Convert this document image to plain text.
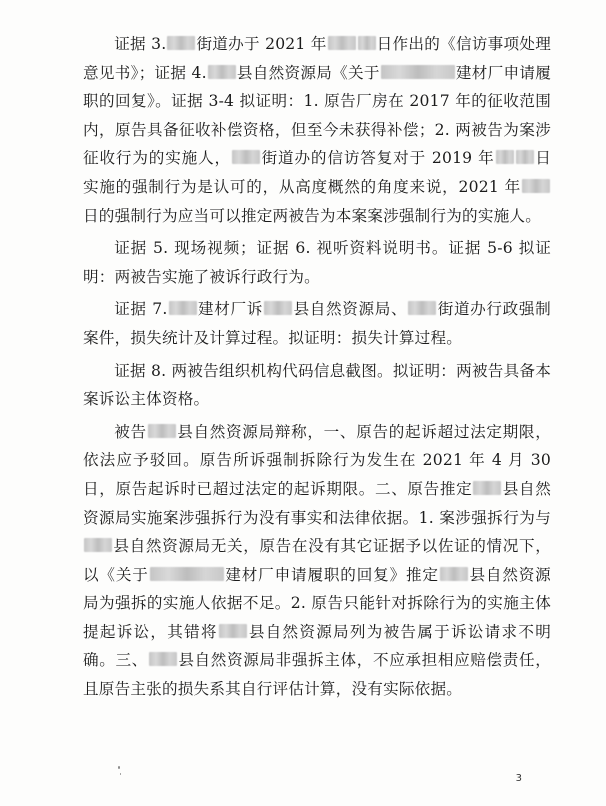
证据 3. 街道办于 2021 年	日作出的《信访事项处理意见书》；证据 4. 县自然资源局《关于	建材厂申请履职的回复》。证据 3-4 拟证明：1. 原告厂房在 2017 年的征收范围内，原告具备征收补偿资格，但至今未获得补偿；2. 两被告为案涉征收行为的实施人， 街道办的信访答复对于 2019 年	日实施的强制行为是认可的，从高度概然的角度来说，2021 年日的强制行为应当可以推定两被告为本案案涉强制行为的实施人。

证据 5. 现场视频；证据 6. 视听资料说明书。证据 5-6 拟证明：两被告实施了被诉行政行为。

证据 7. 建材厂诉 县自然资源局、 街道办行政强制案件，损失统计及计算过程。拟证明：损失计算过程。

证据 8. 两被告组织机构代码信息截图。拟证明：两被告具备本案诉讼主体资格。

被告 县自然资源局辩称，一、原告的起诉超过法定期限，依法应予驳回。原告所诉强制拆除行为发生在 2021 年 4 月 30 日，原告起诉时已超过法定的起诉期限。二、原告推定 县自然资源局实施案涉强拆行为没有事实和法律依据。1. 案涉强拆行为与县自然资源局无关，原告在没有其它证据予以佐证的情况下，以《关于	建材厂申请履职的回复》推定 县自然资源局为强拆的实施人依据不足。2. 原告只能针对拆除行为的实施主体提起诉讼，其错将 县自然资源局列为被告属于诉讼请求不明确。三、 县自然资源局非强拆主体，不应承担相应赔偿责任，且原告主张的损失系其自行评估计算，没有实际依据。

3
